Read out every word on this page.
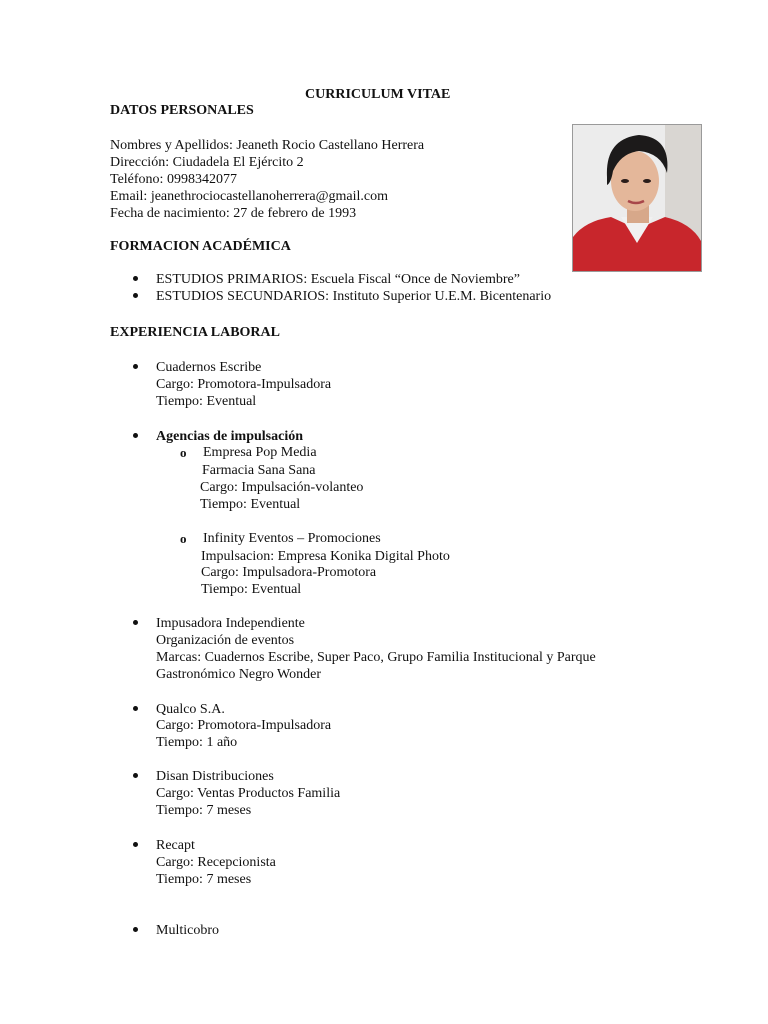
CURRICULUM VITAE
DATOS PERSONALES
Nombres y Apellidos: Jeaneth Rocio Castellano Herrera
Dirección: Ciudadela El Ejército 2
Teléfono: 0998342077
Email: jeanethrociocastellanoherrera@gmail.com
Fecha de nacimiento: 27 de febrero de 1993
FORMACION ACADÉMICA
ESTUDIOS PRIMARIOS: Escuela Fiscal “Once de Noviembre”
ESTUDIOS SECUNDARIOS: Instituto Superior U.E.M. Bicentenario
EXPERIENCIA LABORAL
Cuadernos Escribe
Cargo: Promotora-Impulsadora
Tiempo: Eventual
Agencias de impulsación
o Empresa Pop Media
Farmacia Sana Sana
Cargo: Impulsación-volanteo
Tiempo: Eventual
o Infinity Eventos – Promociones
Impulsacion: Empresa Konika Digital Photo
Cargo: Impulsadora-Promotora
Tiempo: Eventual
Impusadora Independiente
Organización de eventos
Marcas: Cuadernos Escribe, Super Paco, Grupo Familia Institucional y Parque
Gastronómico Negro Wonder
Qualco S.A.
Cargo: Promotora-Impulsadora
Tiempo: 1 año
Disan Distribuciones
Cargo: Ventas Productos Familia
Tiempo: 7 meses
Recapt
Cargo: Recepcionista
Tiempo: 7 meses
Multicobro
